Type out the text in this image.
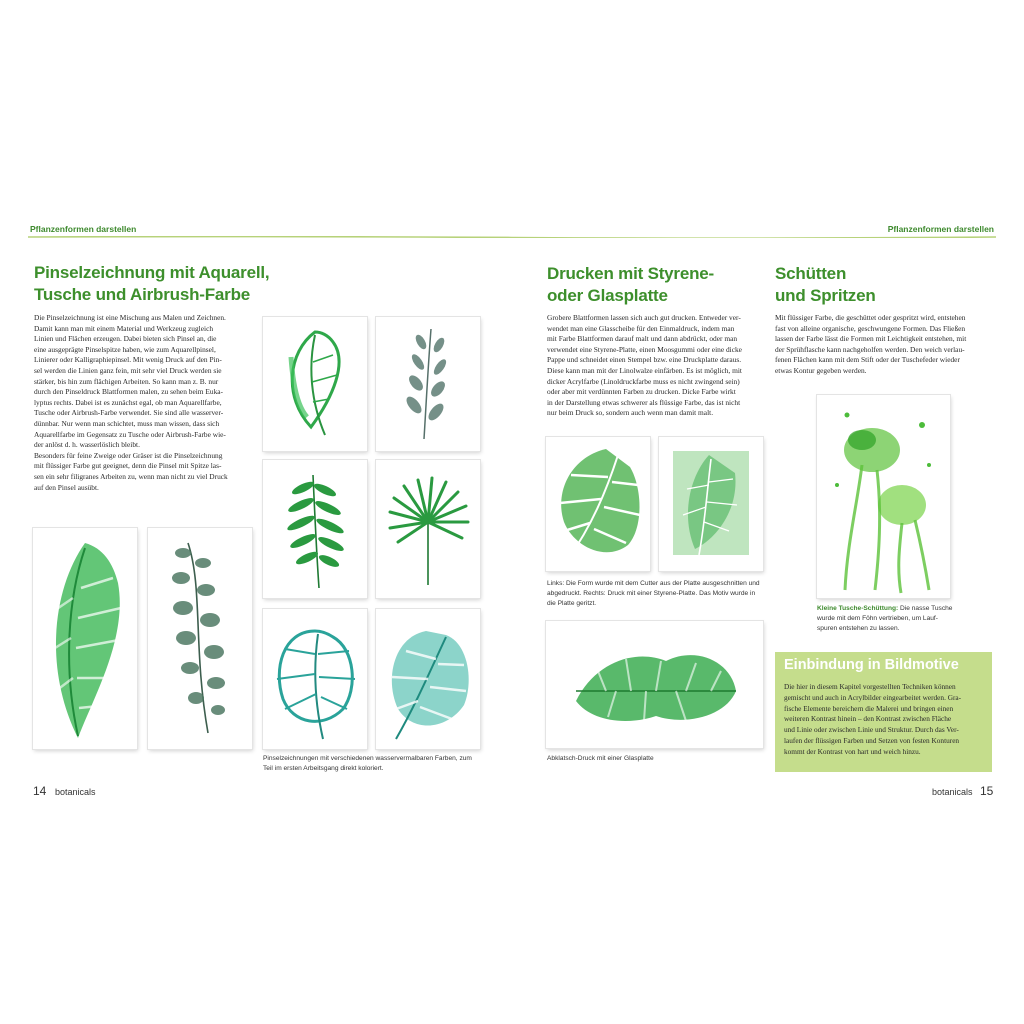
Pflanzenformen darstellen	Pflanzenformen darstellen
Pinselzeichnung mit Aquarell,
Tusche und Airbrush-Farbe
Die Pinselzeichnung ist eine Mischung aus Malen und Zeichnen.
Damit kann man mit einem Material und Werkzeug zugleich
Linien und Flächen erzeugen. Dabei bieten sich Pinsel an, die
eine ausgeprägte Pinselspitze haben, wie zum Aquarellpinsel,
Linierer oder Kalligraphiepinsel. Mit wenig Druck auf den Pin-
sel werden die Linien ganz fein, mit sehr viel Druck werden sie
stärker, bis hin zum flächigen Arbeiten. So kann man z. B. nur
durch den Pinseldruck Blattformen malen, zu sehen beim Euka-
lyptus rechts. Dabei ist es zunächst egal, ob man Aquarellfarbe,
Tusche oder Airbrush-Farbe verwendet. Sie sind alle wasserver-
dünnbar. Nur wenn man schichtet, muss man wissen, dass sich
Aquarellfarbe im Gegensatz zu Tusche oder Airbrush-Farbe wie-
der anlöst d. h. wasserlöslich bleibt.
Besonders für feine Zweige oder Gräser ist die Pinselzeichnung
mit flüssiger Farbe gut geeignet, denn die Pinsel mit Spitze las-
sen ein sehr filigranes Arbeiten zu, wenn man nicht zu viel Druck
auf den Pinsel ausübt.
Pinselzeichnungen mit verschiedenen wasservermalbaren Farben, zum
Teil im ersten Arbeitsgang direkt koloriert.
14 botanicals
Drucken mit Styrene-
oder Glasplatte
Grobere Blattformen lassen sich auch gut drucken. Entweder ver-
wendet man eine Glasscheibe für den Einmaldruck, indem man
mit Farbe Blattformen darauf malt und dann abdrückt, oder man
verwendet eine Styrene-Platte, einen Moosgummi oder eine dicke
Pappe und schneidet einen Stempel bzw. eine Druckplatte daraus.
Diese kann man mit der Linolwalze einfärben. Es ist möglich, mit
dicker Acrylfarbe (Linoldruckfarbe muss es nicht zwingend sein)
oder aber mit verdünnten Farben zu drucken. Dicke Farbe wirkt
in der Darstellung etwas schwerer als flüssige Farbe, das ist nicht
nur beim Druck so, sondern auch wenn man damit malt.
Links: Die Form wurde mit dem Cutter aus der Platte ausgeschnitten und
abgedruckt. Rechts: Druck mit einer Styrene-Platte. Das Motiv wurde in
die Platte geritzt.
Abklatsch-Druck mit einer Glasplatte
Schütten
und Spritzen
Mit flüssiger Farbe, die geschüttet oder gespritzt wird, entstehen
fast von alleine organische, geschwungene Formen. Das Fließen
lassen der Farbe lässt die Formen mit Leichtigkeit entstehen, mit
der Sprühflasche kann nachgeholfen werden. Den weich verlau-
fenen Flächen kann mit dem Stift oder der Tuschefeder wieder
etwas Kontur gegeben werden.
Kleine Tusche-Schüttung: Die nasse Tusche
wurde mit dem Föhn vertrieben, um Lauf-
spuren entstehen zu lassen.
Einbindung in Bildmotive
Die hier in diesem Kapitel vorgestellten Techniken können
gemischt und auch in Acrylbilder eingearbeitet werden. Gra-
fische Elemente bereichern die Malerei und bringen einen
weiteren Kontrast hinein – den Kontrast zwischen Fläche
und Linie oder zwischen Linie und Struktur. Durch das Ver-
laufen der flüssigen Farben und Setzen von festen Konturen
kommt der Kontrast von hart und weich hinzu.
botanicals 15
